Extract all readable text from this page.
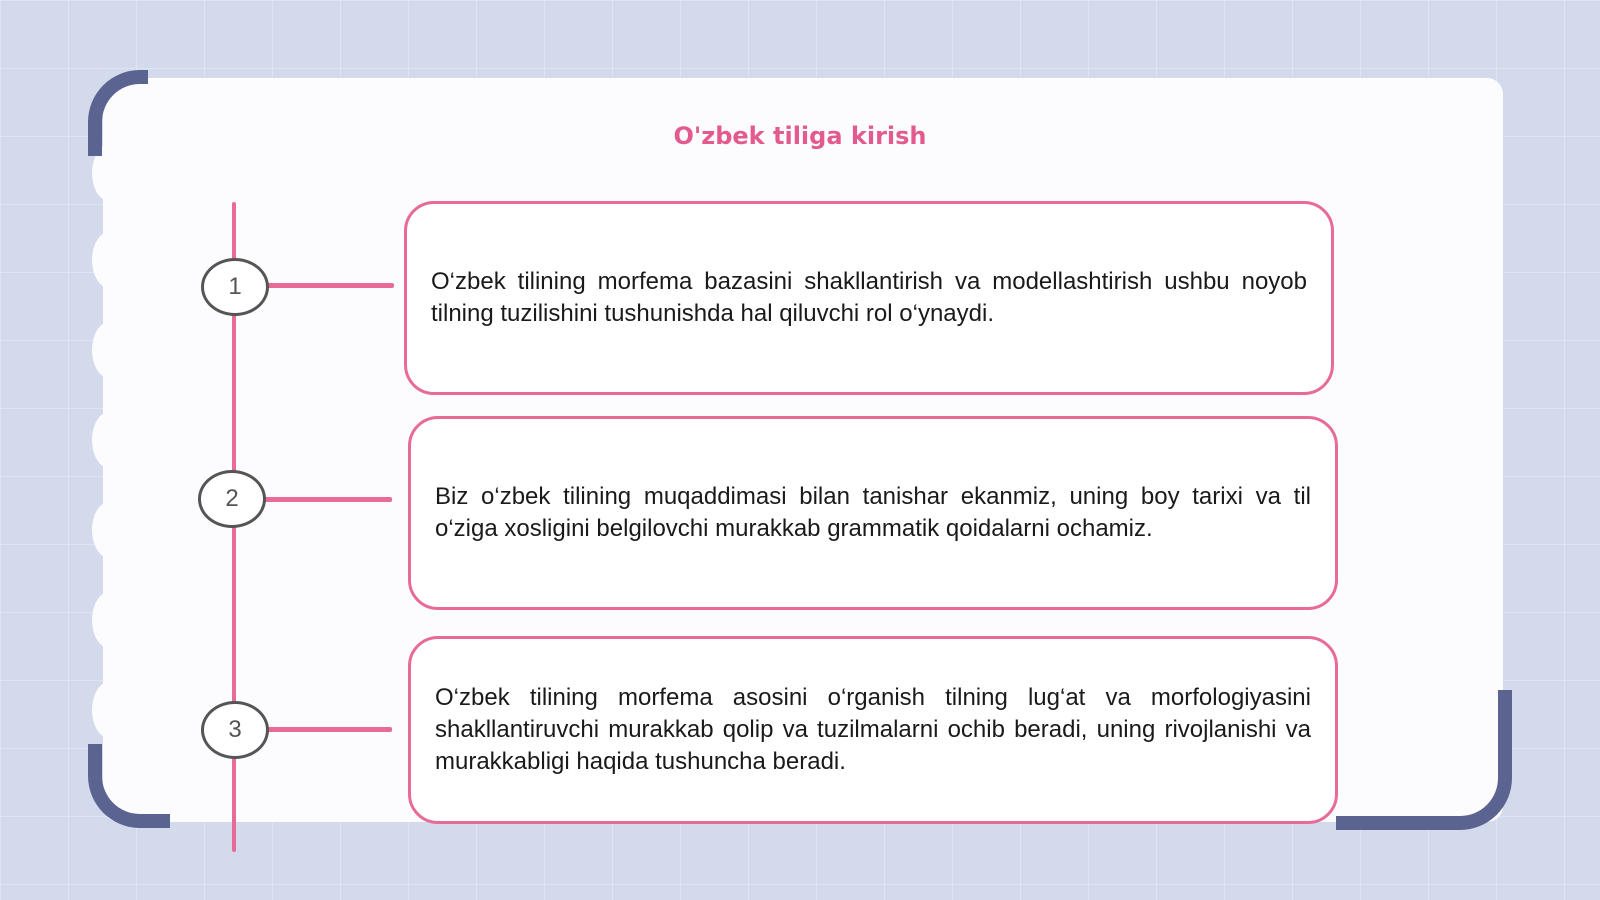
O'zbek tiliga kirish
1
2
3

O‘zbek tilining morfema bazasini shakllantirish va modellashtirish ushbu noyob tilning tuzilishini tushunishda hal qiluvchi rol o‘ynaydi.

Biz o‘zbek tilining muqaddimasi bilan tanishar ekanmiz, uning boy tarixi va til o‘ziga xosligini belgilovchi murakkab grammatik qoidalarni ochamiz.

O‘zbek tilining morfema asosini o‘rganish tilning lug‘at va morfologiyasini shakllantiruvchi murakkab qolip va tuzilmalarni ochib beradi, uning rivojlanishi va murakkabligi haqida tushuncha beradi.
